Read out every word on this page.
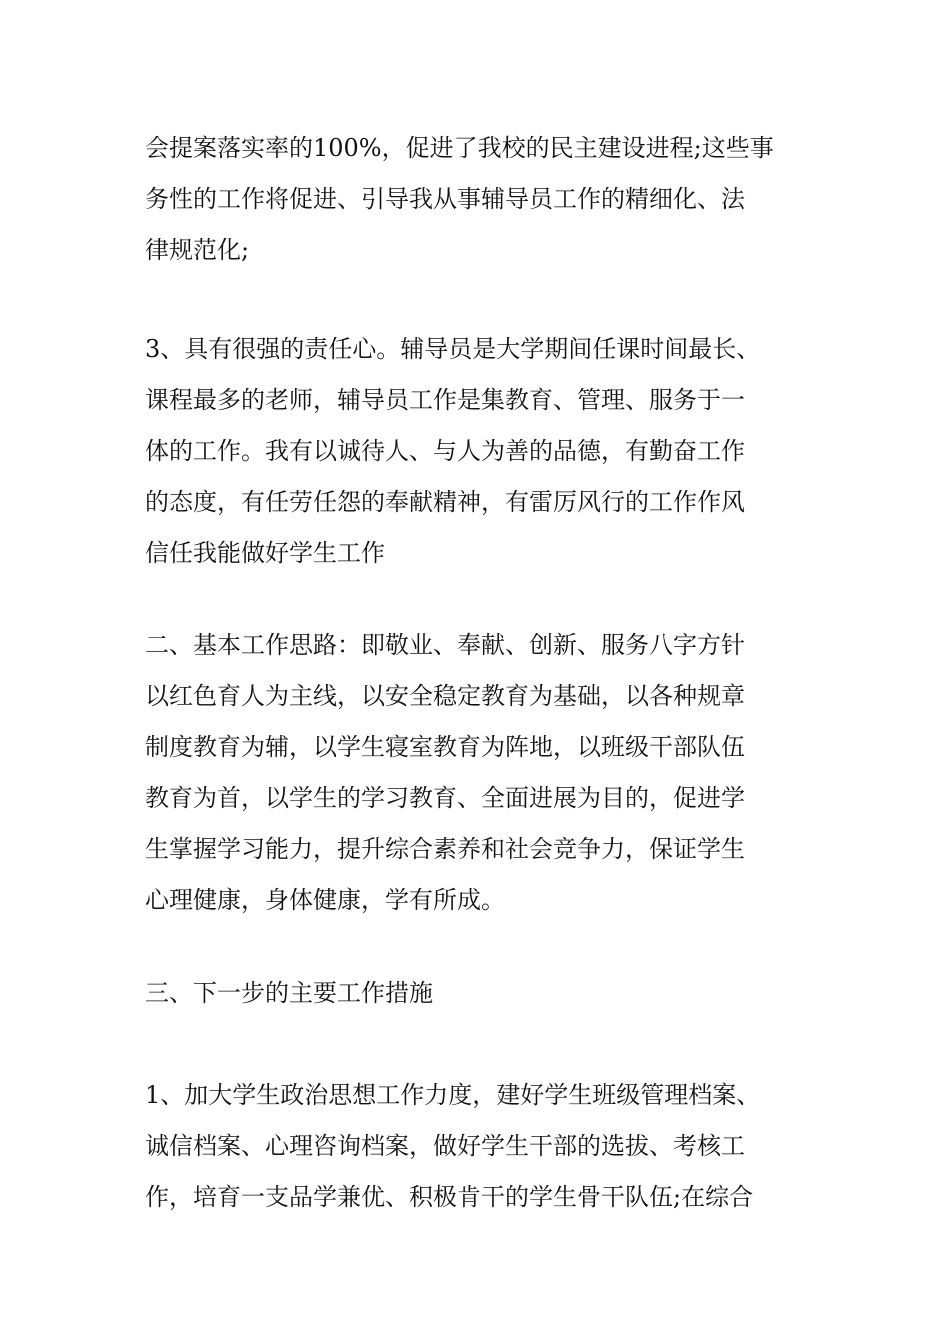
会提案落实率的100%，促进了我校的民主建设进程;这些事
务性的工作将促进、引导我从事辅导员工作的精细化、法
律规范化;
3、具有很强的责任心。辅导员是大学期间任课时间最长、
课程最多的老师，辅导员工作是集教育、管理、服务于一
体的工作。我有以诚待人、与人为善的品德，有勤奋工作
的态度，有任劳任怨的奉献精神，有雷厉风行的工作作风
信任我能做好学生工作
二、基本工作思路：即敬业、奉献、创新、服务八字方针
以红色育人为主线，以安全稳定教育为基础，以各种规章
制度教育为辅，以学生寝室教育为阵地，以班级干部队伍
教育为首，以学生的学习教育、全面进展为目的，促进学
生掌握学习能力，提升综合素养和社会竞争力，保证学生
心理健康，身体健康，学有所成。
三、下一步的主要工作措施
1、加大学生政治思想工作力度，建好学生班级管理档案、
诚信档案、心理咨询档案，做好学生干部的选拔、考核工
作，培育一支品学兼优、积极肯干的学生骨干队伍;在综合
